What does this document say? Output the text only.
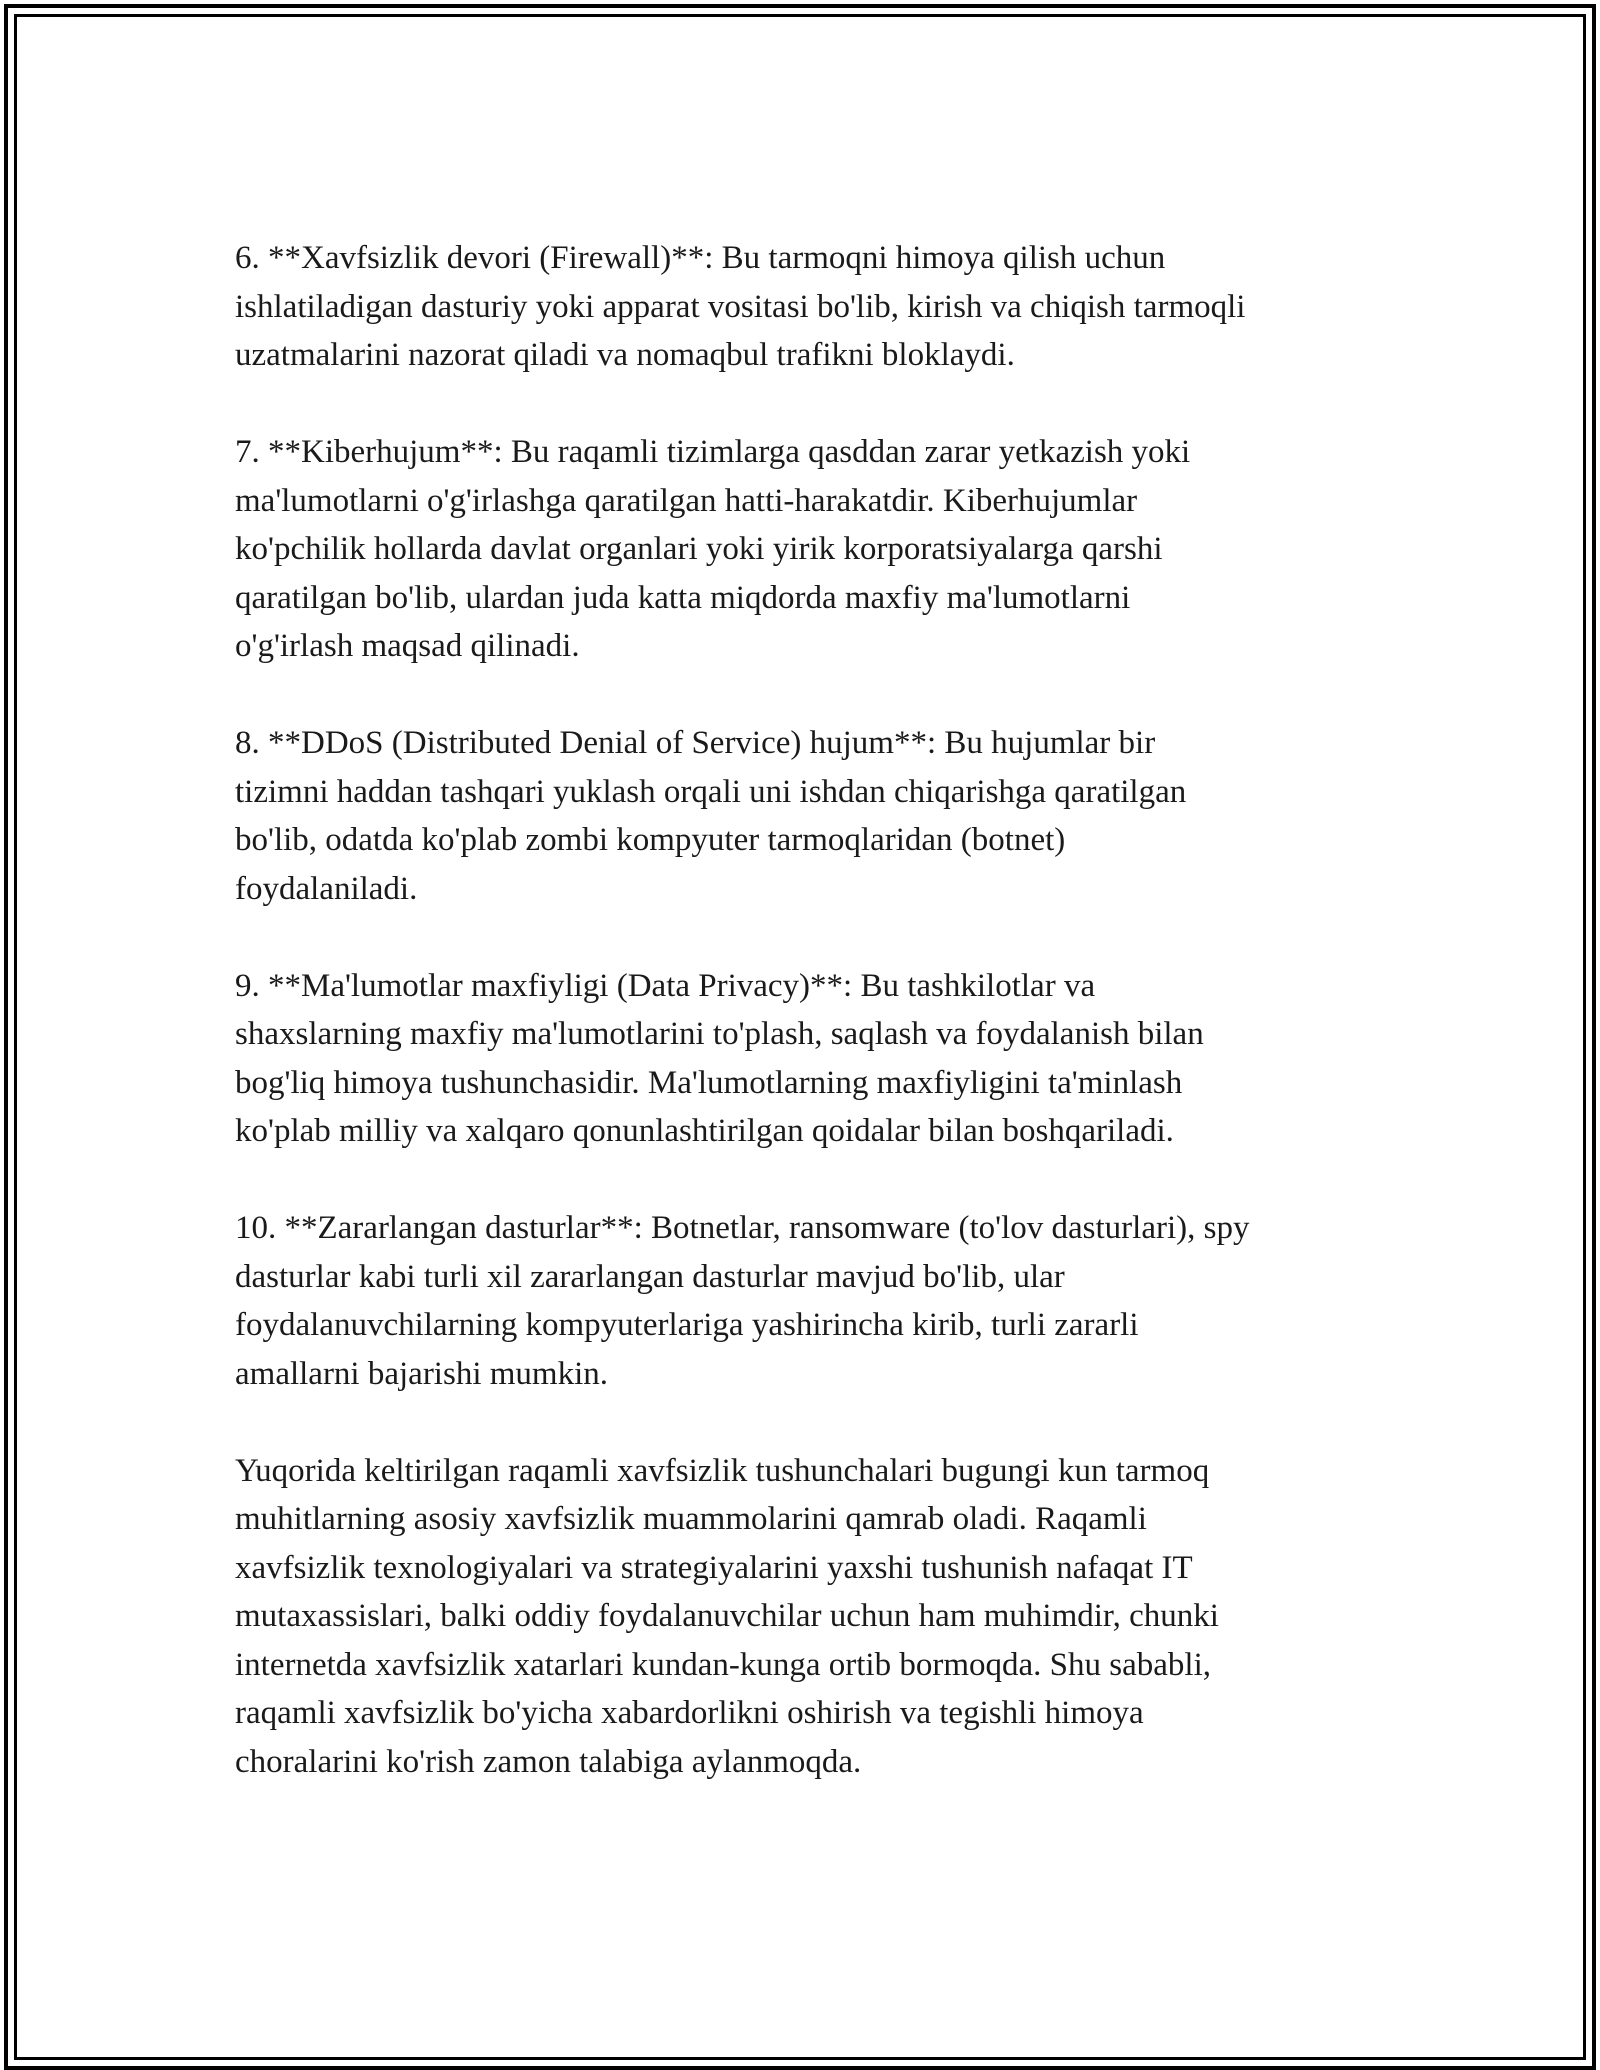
6. **Xavfsizlik devori (Firewall)**: Bu tarmoqni himoya qilish uchun
ishlatiladigan dasturiy yoki apparat vositasi bo'lib, kirish va chiqish tarmoqli
uzatmalarini nazorat qiladi va nomaqbul trafikni bloklaydi.

7. **Kiberhujum**: Bu raqamli tizimlarga qasddan zarar yetkazish yoki
ma'lumotlarni o'g'irlashga qaratilgan hatti-harakatdir. Kiberhujumlar
ko'pchilik hollarda davlat organlari yoki yirik korporatsiyalarga qarshi
qaratilgan bo'lib, ulardan juda katta miqdorda maxfiy ma'lumotlarni
o'g'irlash maqsad qilinadi.

8. **DDoS (Distributed Denial of Service) hujum**: Bu hujumlar bir
tizimni haddan tashqari yuklash orqali uni ishdan chiqarishga qaratilgan
bo'lib, odatda ko'plab zombi kompyuter tarmoqlaridan (botnet)
foydalaniladi.

9. **Ma'lumotlar maxfiyligi (Data Privacy)**: Bu tashkilotlar va
shaxslarning maxfiy ma'lumotlarini to'plash, saqlash va foydalanish bilan
bog'liq himoya tushunchasidir. Ma'lumotlarning maxfiyligini ta'minlash
ko'plab milliy va xalqaro qonunlashtirilgan qoidalar bilan boshqariladi.

10. **Zararlangan dasturlar**: Botnetlar, ransomware (to'lov dasturlari), spy
dasturlar kabi turli xil zararlangan dasturlar mavjud bo'lib, ular
foydalanuvchilarning kompyuterlariga yashirincha kirib, turli zararli
amallarni bajarishi mumkin.

Yuqorida keltirilgan raqamli xavfsizlik tushunchalari bugungi kun tarmoq
muhitlarning asosiy xavfsizlik muammolarini qamrab oladi. Raqamli
xavfsizlik texnologiyalari va strategiyalarini yaxshi tushunish nafaqat IT
mutaxassislari, balki oddiy foydalanuvchilar uchun ham muhimdir, chunki
internetda xavfsizlik xatarlari kundan-kunga ortib bormoqda. Shu sababli,
raqamli xavfsizlik bo'yicha xabardorlikni oshirish va tegishli himoya
choralarini ko'rish zamon talabiga aylanmoqda.
